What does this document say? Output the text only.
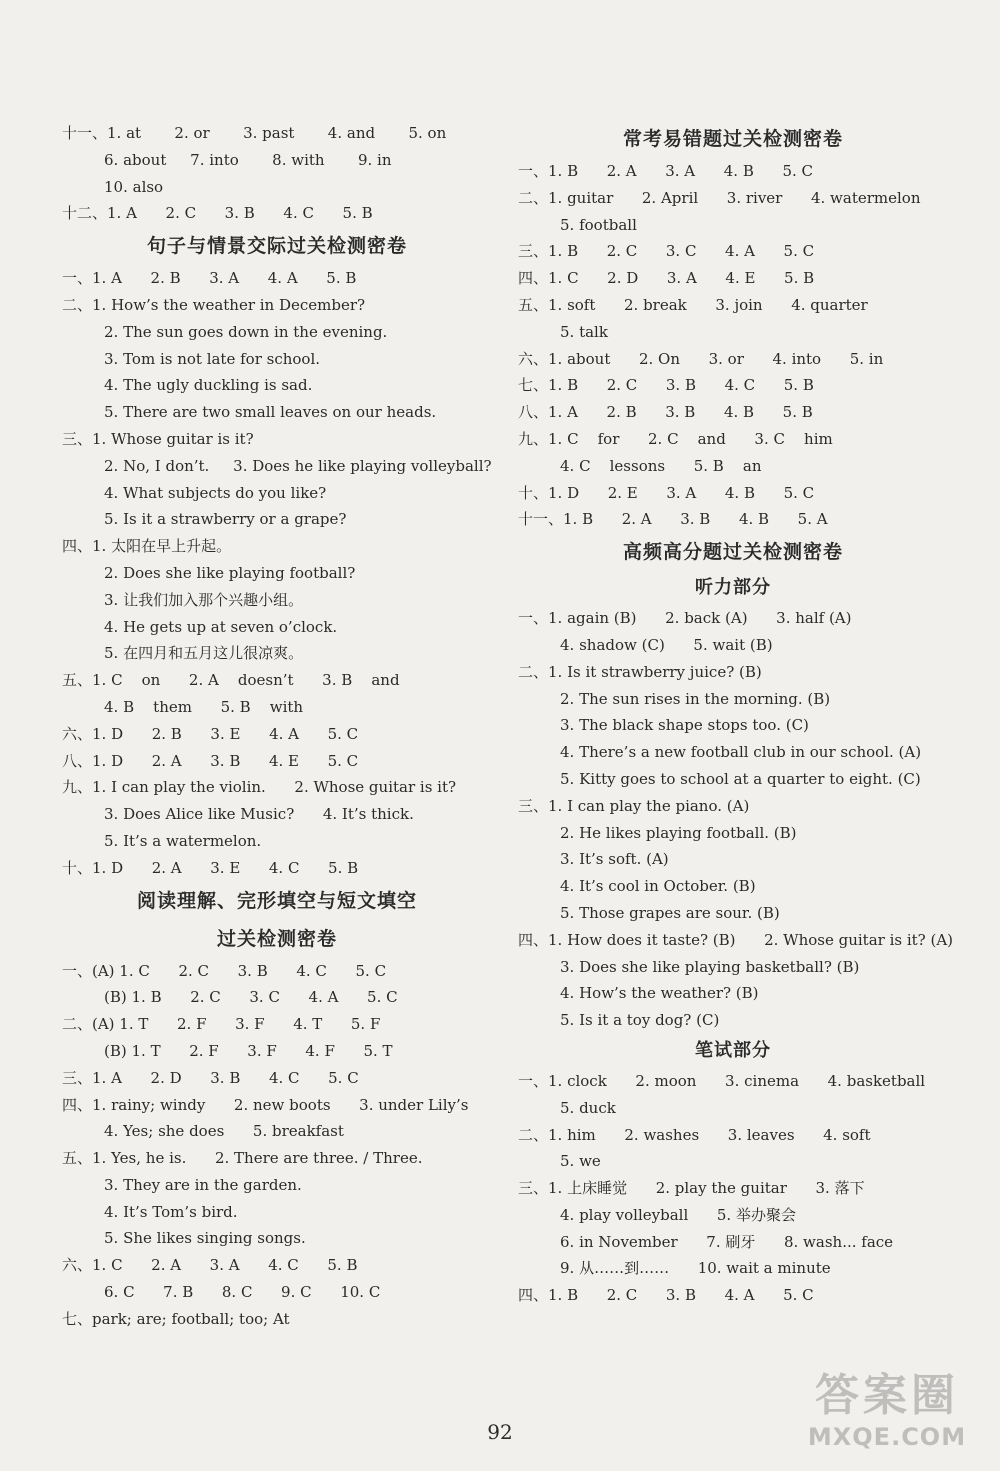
十一、1. at       2. or       3. past       4. and       5. on
6. about     7. into       8. with       9. in
10. also
十二、1. A      2. C      3. B      4. C      5. B
句子与情景交际过关检测密卷
一、1. A      2. B      3. A      4. A      5. B
二、1. How’s the weather in December?
2. The sun goes down in the evening.
3. Tom is not late for school.
4. The ugly duckling is sad.
5. There are two small leaves on our heads.
三、1. Whose guitar is it?
2. No, I don’t.     3. Does he like playing volleyball?
4. What subjects do you like?
5. Is it a strawberry or a grape?
四、1. 太阳在早上升起。
2. Does she like playing football?
3. 让我们加入那个兴趣小组。
4. He gets up at seven o’clock.
5. 在四月和五月这儿很凉爽。
五、1. C    on      2. A    doesn’t      3. B    and
4. B    them      5. B    with
六、1. D      2. B      3. E      4. A      5. C
八、1. D      2. A      3. B      4. E      5. C
九、1. I can play the violin.      2. Whose guitar is it?
3. Does Alice like Music?      4. It’s thick.
5. It’s a watermelon.
十、1. D      2. A      3. E      4. C      5. B
阅读理解、完形填空与短文填空
过关检测密卷
一、(A) 1. C      2. C      3. B      4. C      5. C
(B) 1. B      2. C      3. C      4. A      5. C
二、(A) 1. T      2. F      3. F      4. T      5. F
(B) 1. T      2. F      3. F      4. F      5. T
三、1. A      2. D      3. B      4. C      5. C
四、1. rainy; windy      2. new boots      3. under Lily’s
4. Yes; she does      5. breakfast
五、1. Yes, he is.      2. There are three. / Three.
3. They are in the garden.
4. It’s Tom’s bird.
5. She likes singing songs.
六、1. C      2. A      3. A      4. C      5. B
6. C      7. B      8. C      9. C      10. C
七、park; are; football; too; At
常考易错题过关检测密卷
一、1. B      2. A      3. A      4. B      5. C
二、1. guitar      2. April      3. river      4. watermelon
5. football
三、1. B      2. C      3. C      4. A      5. C
四、1. C      2. D      3. A      4. E      5. B
五、1. soft      2. break      3. join      4. quarter
5. talk
六、1. about      2. On      3. or      4. into      5. in
七、1. B      2. C      3. B      4. C      5. B
八、1. A      2. B      3. B      4. B      5. B
九、1. C    for      2. C    and      3. C    him
4. C    lessons      5. B    an
十、1. D      2. E      3. A      4. B      5. C
十一、1. B      2. A      3. B      4. B      5. A
高频高分题过关检测密卷
听力部分
一、1. again (B)      2. back (A)      3. half (A)
4. shadow (C)      5. wait (B)
二、1. Is it strawberry juice? (B)
2. The sun rises in the morning. (B)
3. The black shape stops too. (C)
4. There’s a new football club in our school. (A)
5. Kitty goes to school at a quarter to eight. (C)
三、1. I can play the piano. (A)
2. He likes playing football. (B)
3. It’s soft. (A)
4. It’s cool in October. (B)
5. Those grapes are sour. (B)
四、1. How does it taste? (B)      2. Whose guitar is it? (A)
3. Does she like playing basketball? (B)
4. How’s the weather? (B)
5. Is it a toy dog? (C)
笔试部分
一、1. clock      2. moon      3. cinema      4. basketball
5. duck
二、1. him      2. washes      3. leaves      4. soft
5. we
三、1. 上床睡觉      2. play the guitar      3. 落下
4. play volleyball      5. 举办聚会
6. in November      7. 刷牙      8. wash... face
9. 从……到……      10. wait a minute
四、1. B      2. C      3. B      4. A      5. C
92
答案圈
MXQE.COM
